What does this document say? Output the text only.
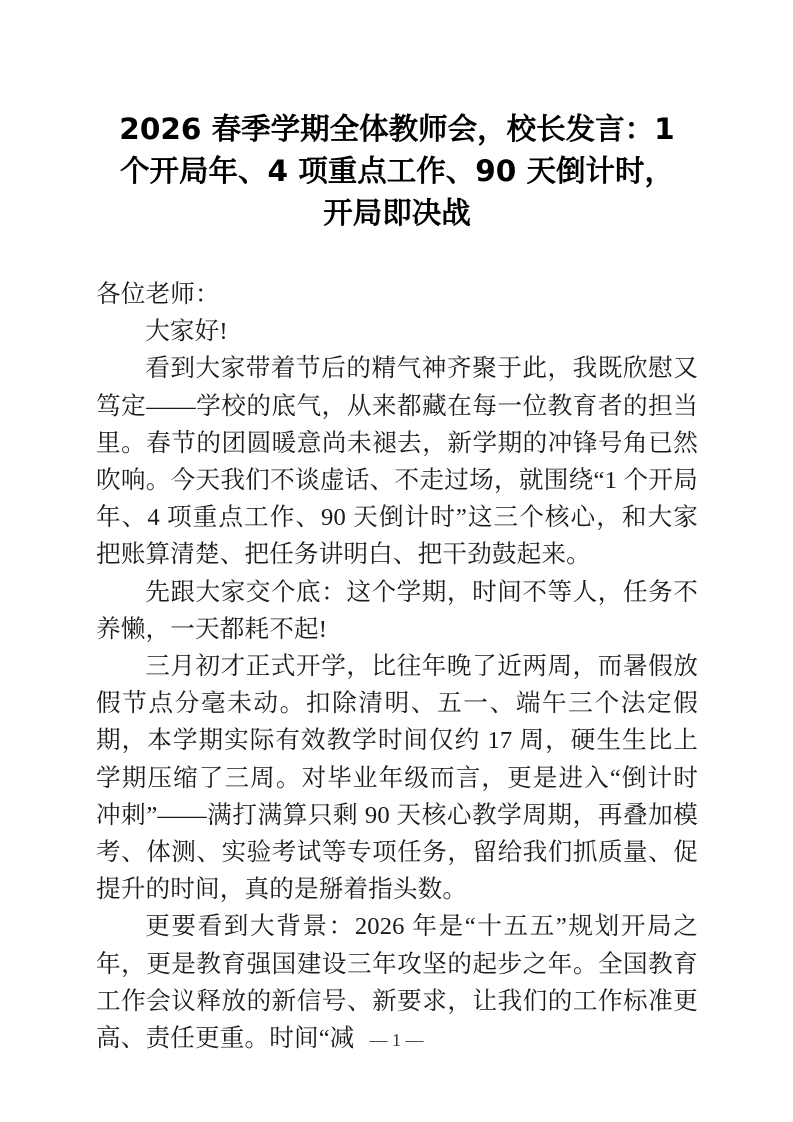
2026 春季学期全体教师会，校长发言：1 个开局年、4 项重点工作、90 天倒计时，开局即决战

各位老师：

大家好!

看到大家带着节后的精气神齐聚于此，我既欣慰又笃定——学校的底气，从来都藏在每一位教育者的担当里。春节的团圆暖意尚未褪去，新学期的冲锋号角已然吹响。今天我们不谈虚话、不走过场，就围绕“1 个开局年、4 项重点工作、90 天倒计时”这三个核心，和大家把账算清楚、把任务讲明白、把干劲鼓起来。

先跟大家交个底：这个学期，时间不等人，任务不养懒，一天都耗不起!

三月初才正式开学，比往年晚了近两周，而暑假放假节点分毫未动。扣除清明、五一、端午三个法定假期，本学期实际有效教学时间仅约 17 周，硬生生比上学期压缩了三周。对毕业年级而言，更是进入“倒计时冲刺”——满打满算只剩 90 天核心教学周期，再叠加模考、体测、实验考试等专项任务，留给我们抓质量、促提升的时间，真的是掰着指头数。

更要看到大背景：2026 年是“十五五”规划开局之年，更是教育强国建设三年攻坚的起步之年。全国教育工作会议释放的新信号、新要求，让我们的工作标准更高、责任更重。时间“减 — 1 —
